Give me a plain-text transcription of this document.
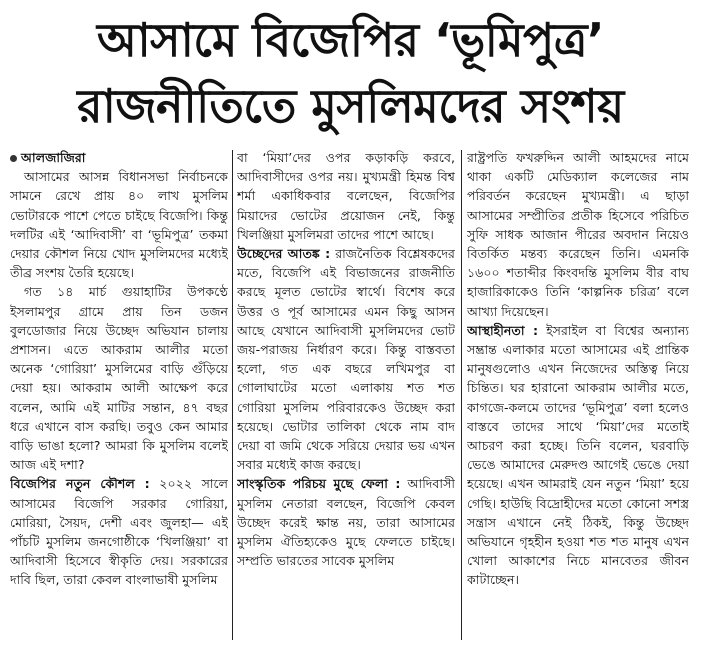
আসামে বিজেপির ‘ভূমিপুত্র’
রাজনীতিতে মুসলিমদের সংশয়
আলজাজিরা

আসামের আসন্ন বিধানসভা নির্বাচনকে সামনে রেখে প্রায় ৪০ লাখ মুসলিম ভোটারকে পাশে পেতে চাইছে বিজেপি। কিন্তু দলটির এই ‘আদিবাসী’ বা ‘ভূমিপুত্র’ তকমা দেয়ার কৌশল নিয়ে খোদ মুসলিমদের মধ্যেই তীব্র সংশয় তৈরি হয়েছে।

গত ১৪ মার্চ গুয়াহাটির উপকণ্ঠে ইসলামপুর গ্রামে প্রায় তিন ডজন বুলডোজার নিয়ে উচ্ছেদ অভিযান চালায় প্রশাসন। এতে আকরাম আলীর মতো অনেক ‘গোরিয়া’ মুসলিমের বাড়ি গুঁড়িয়ে দেয়া হয়। আকরাম আলী আক্ষেপ করে বলেন, আমি এই মাটির সন্তান, ৪৭ বছর ধরে এখানে বাস করছি। তবুও কেন আমার বাড়ি ভাঙা হলো? আমরা কি মুসলিম বলেই আজ এই দশা?

বিজেপির নতুন কৌশল : ২০২২ সালে আসামের বিজেপি সরকার গোরিয়া, মোরিয়া, সৈয়দ, দেশী এবং জুলহা— এই পাঁচটি মুসলিম জনগোষ্ঠীকে ‘খিলঞ্জিয়া’ বা আদিবাসী হিসেবে স্বীকৃতি দেয়। সরকারের দাবি ছিল, তারা কেবল বাংলাভাষী মুসলিম

বা ‘মিয়া’দের ওপর কড়াকড়ি করবে, আদিবাসীদের ওপর নয়। মুখ্যমন্ত্রী হিমন্ত বিশ্ব শর্মা একাধিকবার বলেছেন, বিজেপির মিয়াদের ভোটের প্রয়োজন নেই, কিন্তু খিলঞ্জিয়া মুসলিমরা তাদের পাশে আছে।

উচ্ছেদের আতঙ্ক : রাজনৈতিক বিশ্লেষকদের মতে, বিজেপি এই বিভাজনের রাজনীতি করছে মূলত ভোটের স্বার্থে। বিশেষ করে উত্তর ও পূর্ব আসামের এমন কিছু আসন আছে যেখানে আদিবাসী মুসলিমদের ভোট জয়-পরাজয় নির্ধারণ করে। কিন্তু বাস্তবতা হলো, গত এক বছরে লখিমপুর বা গোলাঘাটের মতো এলাকায় শত শত গোরিয়া মুসলিম পরিবারকেও উচ্ছেদ করা হয়েছে। ভোটার তালিকা থেকে নাম বাদ দেয়া বা জমি থেকে সরিয়ে দেয়ার ভয় এখন সবার মধ্যেই কাজ করছে।

সাংস্কৃতিক পরিচয় মুছে ফেলা : আদিবাসী মুসলিম নেতারা বলছেন, বিজেপি কেবল উচ্ছেদ করেই ক্ষান্ত নয়, তারা আসামের মুসলিম ঐতিহ্যকেও মুছে ফেলতে চাইছে। সম্প্রতি ভারতের সাবেক মুসলিম

রাষ্ট্রপতি ফখরুদ্দিন আলী আহমদের নামে থাকা একটি মেডিক্যাল কলেজের নাম পরিবর্তন করেছেন মুখ্যমন্ত্রী। এ ছাড়া আসামের সম্প্রীতির প্রতীক হিসেবে পরিচিত সুফি সাধক আজান পীরের অবদান নিয়েও বিতর্কিত মন্তব্য করেছেন তিনি। এমনকি ১৬০০ শতাব্দীর কিংবদন্তি মুসলিম বীর বাঘ হাজারিকাকেও তিনি ‘কাল্পনিক চরিত্র’ বলে আখ্যা দিয়েছেন।

আস্থাহীনতা : ইসরাইল বা বিশ্বের অন্যান্য সম্ভ্রান্ত এলাকার মতো আসামের এই প্রান্তিক মানুষগুলোও এখন নিজেদের অস্তিত্ব নিয়ে চিন্তিত। ঘর হারানো আকরাম আলীর মতে, কাগজে-কলমে তাদের ‘ভূমিপুত্র’ বলা হলেও বাস্তবে তাদের সাথে ‘মিয়া’দের মতোই আচরণ করা হচ্ছে। তিনি বলেন, ঘরবাড়ি ভেঙে আমাদের মেরুদণ্ড আগেই ভেঙে দেয়া হয়েছে। এখন আমরাই যেন নতুন ‘মিয়া’ হয়ে গেছি। হাউছি বিদ্রোহীদের মতো কোনো সশস্ত্র সন্ত্রাস এখানে নেই ঠিকই, কিন্তু উচ্ছেদ অভিযানে গৃহহীন হওয়া শত শত মানুষ এখন খোলা আকাশের নিচে মানবেতর জীবন কাটাচ্ছেন।
